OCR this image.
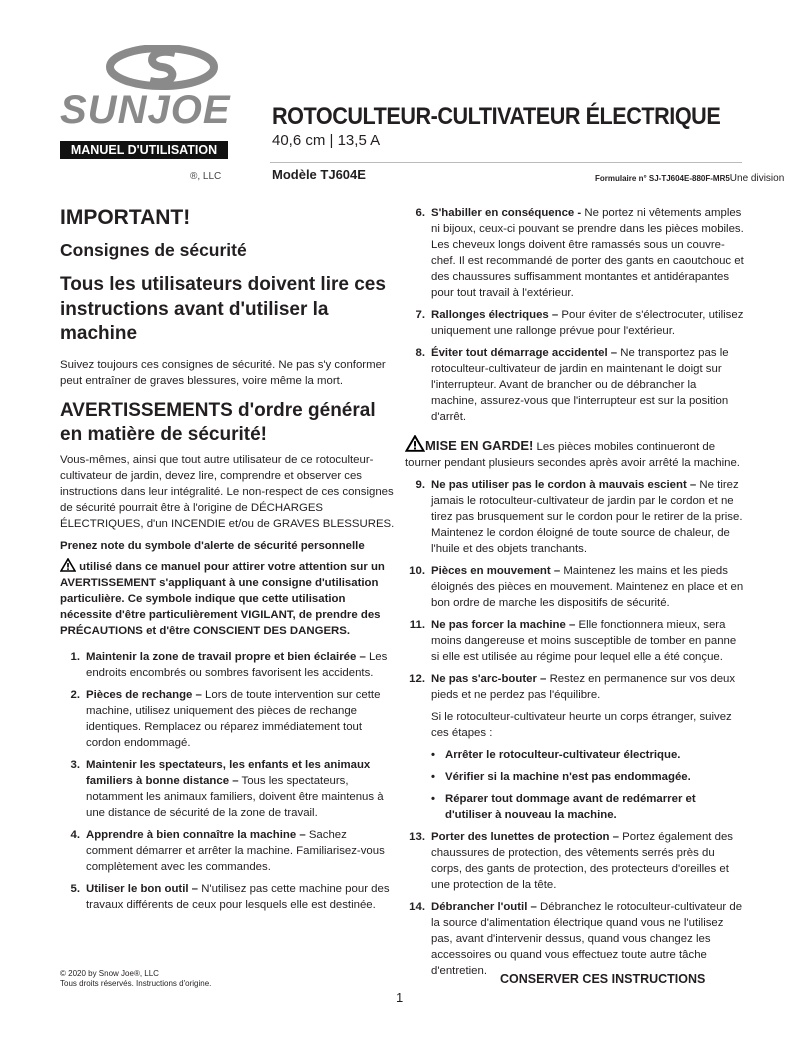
SUNJOE
MANUEL D'UTILISATION
®, LLC
ROTOCULTEUR-CULTIVATEUR ÉLECTRIQUE
40,6 cm | 13,5 A
Modèle TJ604E	Formulaire n° SJ-TJ604E-880F-MR5Une division
IMPORTANT!
Consignes de sécurité
Tous les utilisateurs doivent lire ces instructions avant d'utiliser la machine

Suivez toujours ces consignes de sécurité. Ne pas s'y conformer peut entraîner de graves blessures, voire même la mort.

AVERTISSEMENTS d'ordre général en matière de sécurité!

Vous-mêmes, ainsi que tout autre utilisateur de ce rotoculteur-cultivateur de jardin, devez lire, comprendre et observer ces instructions dans leur intégralité. Le non-respect de ces consignes de sécurité pourrait être à l'origine de DÉCHARGES ÉLECTRIQUES, d'un INCENDIE et/ou de GRAVES BLESSURES.

Prenez note du symbole d'alerte de sécurité personnelle

utilisé dans ce manuel pour attirer votre attention sur un AVERTISSEMENT s'appliquant à une consigne d'utilisation particulière. Ce symbole indique que cette utilisation nécessite d'être particulièrement VIGILANT, de prendre des PRÉCAUTIONS et d'être CONSCIENT DES DANGERS.

1. Maintenir la zone de travail propre et bien éclairée – Les endroits encombrés ou sombres favorisent les accidents.
2. Pièces de rechange – Lors de toute intervention sur cette machine, utilisez uniquement des pièces de rechange identiques. Remplacez ou réparez immédiatement tout cordon endommagé.
3. Maintenir les spectateurs, les enfants et les animaux familiers à bonne distance – Tous les spectateurs, notamment les animaux familiers, doivent être maintenus à une distance de sécurité de la zone de travail.
4. Apprendre à bien connaître la machine – Sachez comment démarrer et arrêter la machine. Familiarisez-vous complètement avec les commandes.
5. Utiliser le bon outil – N'utilisez pas cette machine pour des travaux différents de ceux pour lesquels elle est destinée.
6. S'habiller en conséquence - Ne portez ni vêtements amples ni bijoux, ceux-ci pouvant se prendre dans les pièces mobiles. Les cheveux longs doivent être ramassés sous un couvre-chef. Il est recommandé de porter des gants en caoutchouc et des chaussures suffisamment montantes et antidérapantes pour tout travail à l'extérieur.
7. Rallonges électriques – Pour éviter de s'électrocuter, utilisez uniquement une rallonge prévue pour l'extérieur.
8. Éviter tout démarrage accidentel – Ne transportez pas le rotoculteur-cultivateur de jardin en maintenant le doigt sur l'interrupteur. Avant de brancher ou de débrancher la machine, assurez-vous que l'interrupteur est sur la position d'arrêt.

MISE EN GARDE! Les pièces mobiles continueront de tourner pendant plusieurs secondes après avoir arrêté la machine.

9. Ne pas utiliser pas le cordon à mauvais escient – Ne tirez jamais le rotoculteur-cultivateur de jardin par le cordon et ne tirez pas brusquement sur le cordon pour le retirer de la prise. Maintenez le cordon éloigné de toute source de chaleur, de l'huile et des objets tranchants.
10. Pièces en mouvement – Maintenez les mains et les pieds éloignés des pièces en mouvement. Maintenez en place et en bon ordre de marche les dispositifs de sécurité.
11. Ne pas forcer la machine – Elle fonctionnera mieux, sera moins dangereuse et moins susceptible de tomber en panne si elle est utilisée au régime pour lequel elle a été conçue.
12. Ne pas s'arc-bouter – Restez en permanence sur vos deux pieds et ne perdez pas l'équilibre.

Si le rotoculteur-cultivateur heurte un corps étranger, suivez ces étapes :

• Arrêter le rotoculteur-cultivateur électrique.
• Vérifier si la machine n'est pas endommagée.
• Réparer tout dommage avant de redémarrer et d'utiliser à nouveau la machine.
13. Porter des lunettes de protection – Portez également des chaussures de protection, des vêtements serrés près du corps, des gants de protection, des protecteurs d'oreilles et une protection de la tête.
14. Débrancher l'outil – Débranchez le rotoculteur-cultivateur de la source d'alimentation électrique quand vous ne l'utilisez pas, avant d'intervenir dessus, quand vous changez les accessoires ou quand vous effectuez toute autre tâche d'entretien.
© 2020 by Snow Joe®, LLC
Tous droits réservés. Instructions d'origine.	CONSERVER CES INSTRUCTIONS
1
